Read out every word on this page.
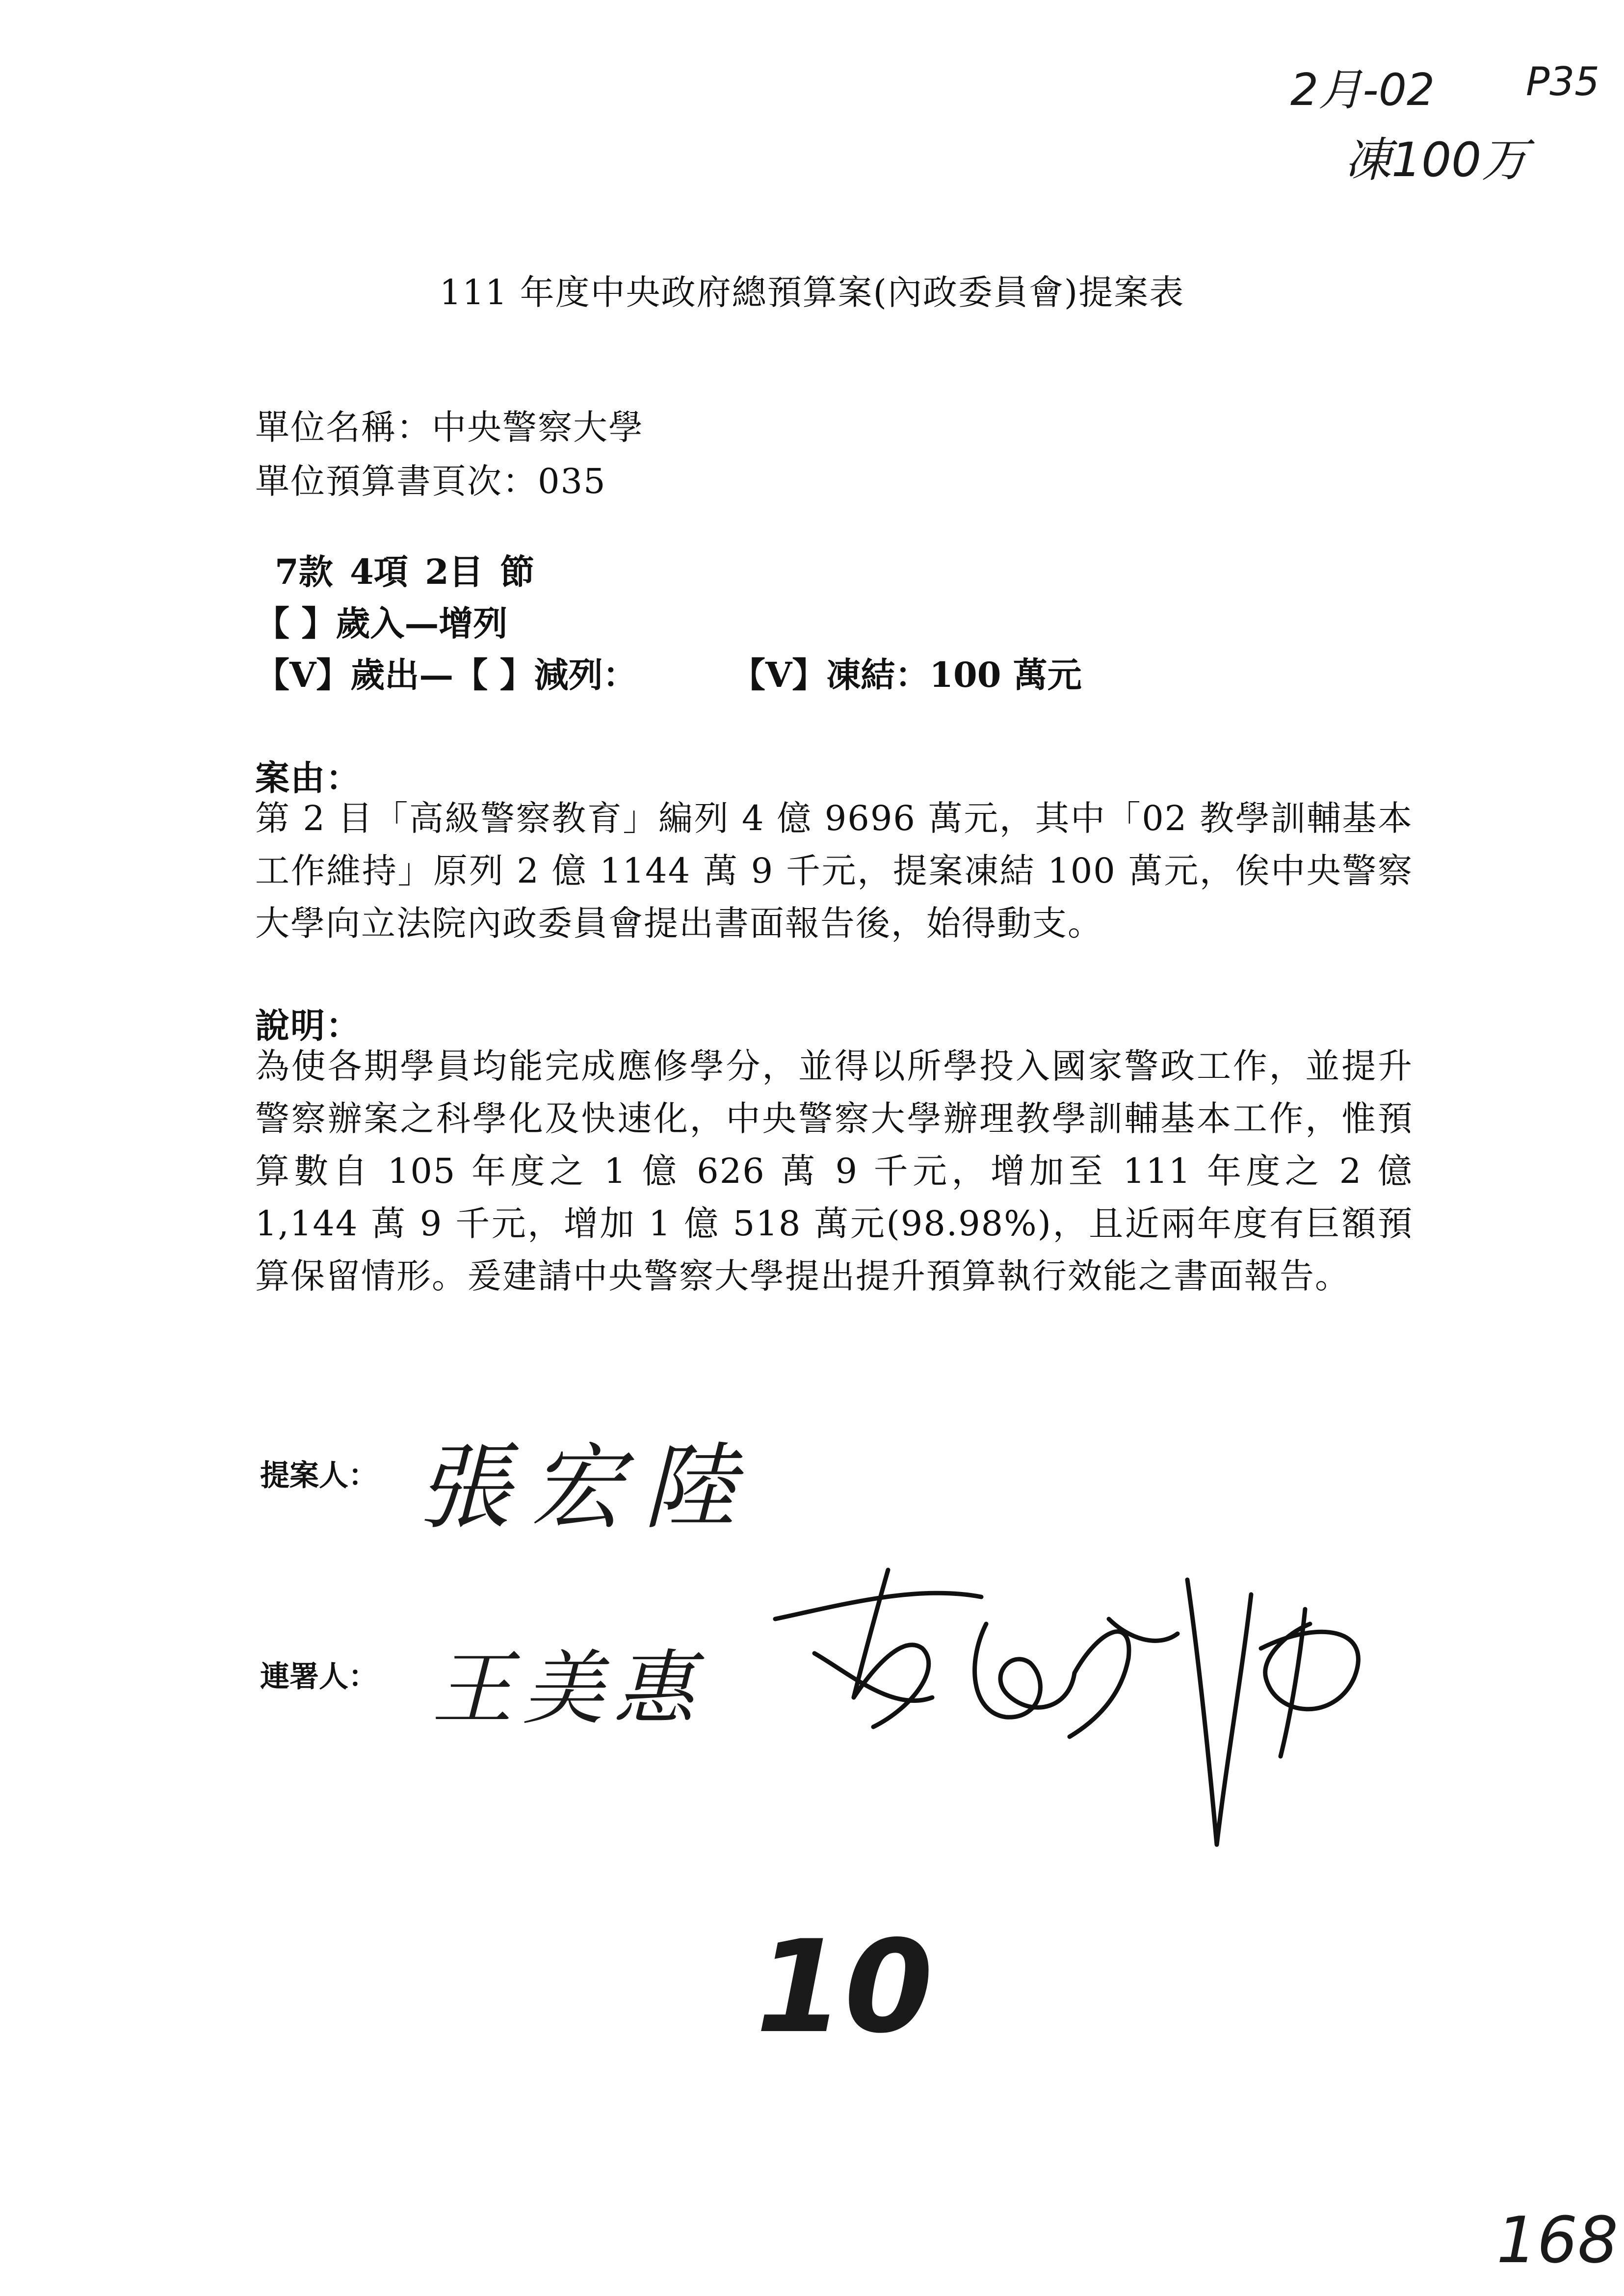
2月-02 P35
凍100万
111 年度中央政府總預算案(內政委員會)提案表
單位名稱：中央警察大學
單位預算書頁次：035
7款 4項 2目 節
【 】歲入—增列
【V】歲出—【 】減列：	【V】凍結：100 萬元
案由：
第 2 目「高級警察教育」編列 4 億 9696 萬元，其中「02 教學訓輔基本工作維持」原列 2 億 1144 萬 9 千元，提案凍結 100 萬元，俟中央警察大學向立法院內政委員會提出書面報告後，始得動支。
說明：
為使各期學員均能完成應修學分，並得以所學投入國家警政工作，並提升警察辦案之科學化及快速化，中央警察大學辦理教學訓輔基本工作，惟預算數自 105 年度之 1 億 626 萬 9 千元，增加至 111 年度之 2 億 1,144 萬 9 千元，增加 1 億 518 萬元(98.98%)，且近兩年度有巨額預算保留情形。爰建請中央警察大學提出提升預算執行效能之書面報告。
提案人： 張宏陸
連署人： 王美惠
10
168
